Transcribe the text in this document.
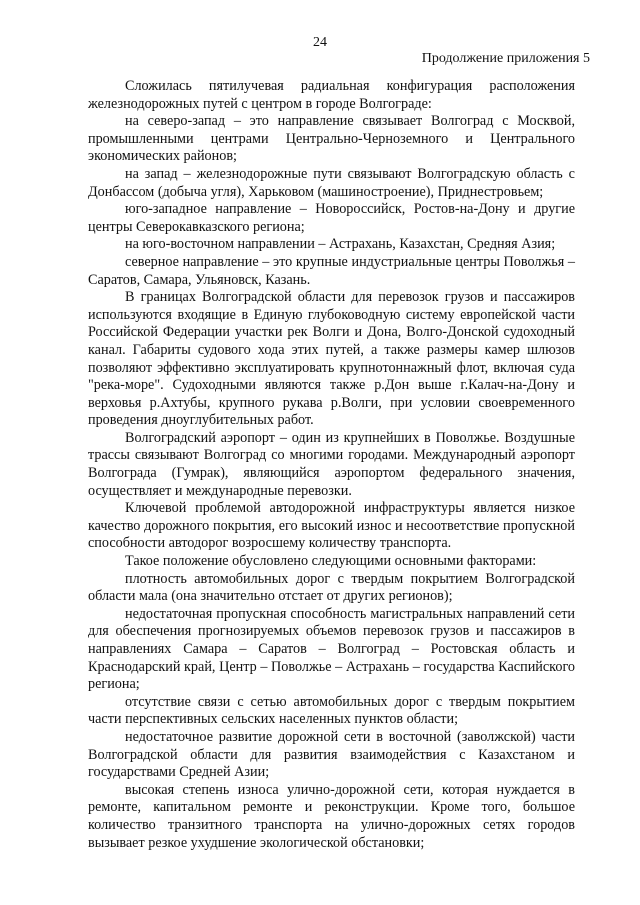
24
Продолжение приложения 5

Сложилась пятилучевая радиальная конфигурация расположения железнодорожных путей с центром в городе Волгограде:

на северо-запад – это направление связывает Волгоград с Москвой, промышленными центрами Центрально-Черноземного и Центрального экономических районов;

на запад – железнодорожные пути связывают Волгоградскую область с Донбассом (добыча угля), Харьковом (машиностроение), Приднестровьем;

юго-западное направление – Новороссийск, Ростов-на-Дону и другие центры Северокавказского региона;

на юго-восточном направлении – Астрахань, Казахстан, Средняя Азия;

северное направление – это крупные индустриальные центры Поволжья – Саратов, Самара, Ульяновск, Казань.

В границах Волгоградской области для перевозок грузов и пассажиров используются входящие в Единую глубоководную систему европейской части Российской Федерации участки рек Волги и Дона, Волго-Донской судоходный канал. Габариты судового хода этих путей, а также размеры камер шлюзов позволяют эффективно эксплуатировать крупнотоннажный флот, включая суда "река-море". Судоходными являются также р.Дон выше г.Калач-на-Дону и верховья р.Ахтубы, крупного рукава р.Волги, при условии своевременного проведения дноуглубительных работ.

Волгоградский аэропорт – один из крупнейших в Поволжье. Воздушные трассы связывают Волгоград со многими городами. Международный аэропорт Волгограда (Гумрак), являющийся аэропортом федерального значения, осуществляет и международные перевозки.

Ключевой проблемой автодорожной инфраструктуры является низкое качество дорожного покрытия, его высокий износ и несоответствие пропускной способности автодорог возросшему количеству транспорта.

Такое положение обусловлено следующими основными факторами:

плотность автомобильных дорог с твердым покрытием Волгоградской области мала (она значительно отстает от других регионов);

недостаточная пропускная способность магистральных направлений сети для обеспечения прогнозируемых объемов перевозок грузов и пассажиров в направлениях Самара – Саратов – Волгоград – Ростовская область и Краснодарский край, Центр – Поволжье – Астрахань – государства Каспийского региона;

отсутствие связи с сетью автомобильных дорог с твердым покрытием части перспективных сельских населенных пунктов области;

недостаточное развитие дорожной сети в восточной (заволжской) части Волгоградской области для развития взаимодействия с Казахстаном и государствами Средней Азии;

высокая степень износа улично-дорожной сети, которая нуждается в ремонте, капитальном ремонте и реконструкции. Кроме того, большое количество транзитного транспорта на улично-дорожных сетях городов вызывает резкое ухудшение экологической обстановки;
